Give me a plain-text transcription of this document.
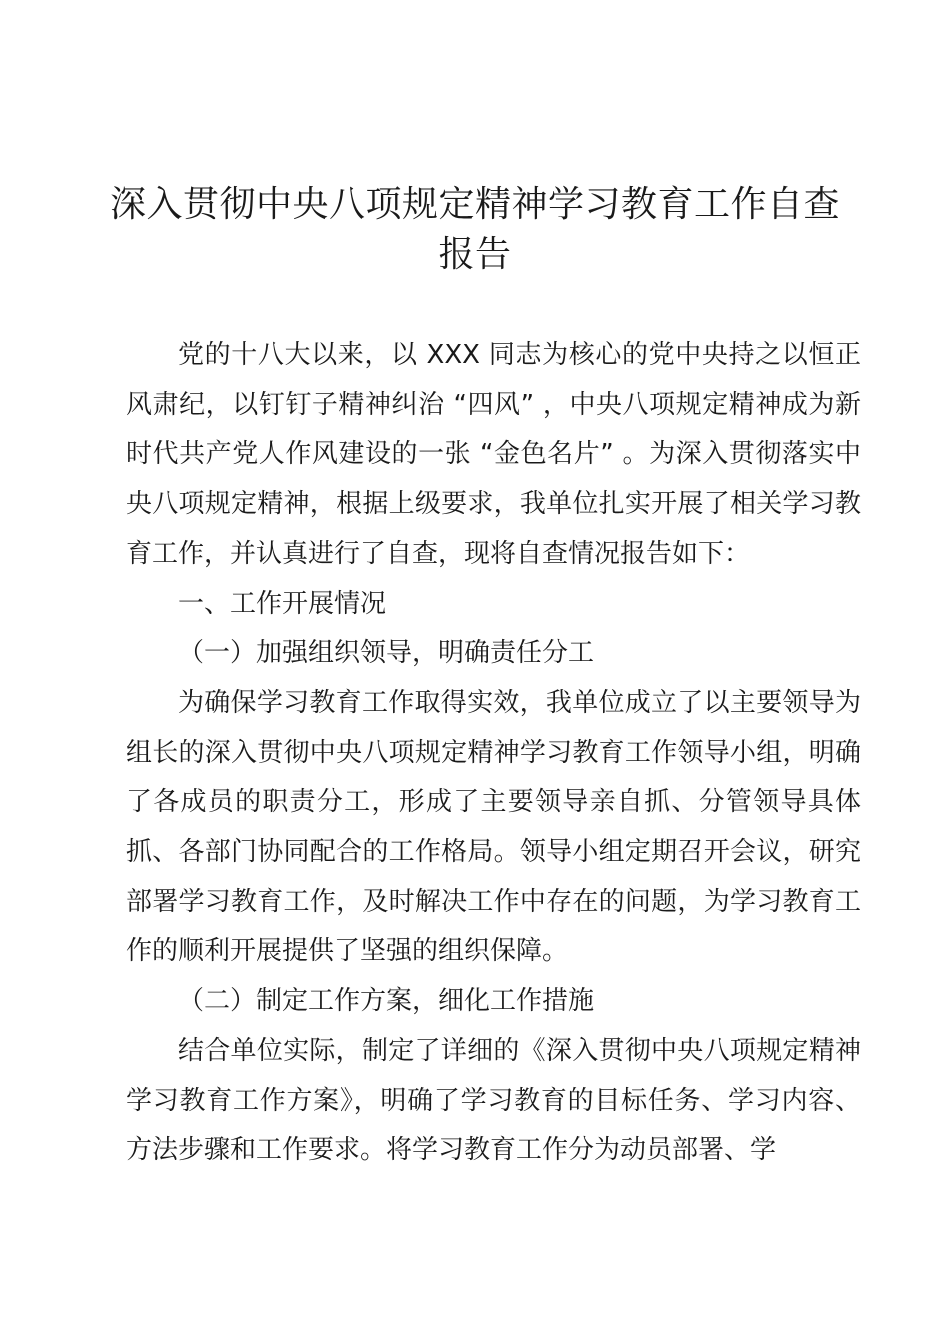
深入贯彻中央八项规定精神学习教育工作自查报告

党的十八大以来，以 XXX 同志为核心的党中央持之以恒正风肃纪，以钉钉子精神纠治 “四风” ，中央八项规定精神成为新时代共产党人作风建设的一张 “金色名片” 。为深入贯彻落实中央八项规定精神，根据上级要求，我单位扎实开展了相关学习教育工作，并认真进行了自查，现将自查情况报告如下：

一、工作开展情况

（一）加强组织领导，明确责任分工

为确保学习教育工作取得实效，我单位成立了以主要领导为组长的深入贯彻中央八项规定精神学习教育工作领导小组，明确了各成员的职责分工，形成了主要领导亲自抓、分管领导具体抓、各部门协同配合的工作格局。领导小组定期召开会议，研究部署学习教育工作，及时解决工作中存在的问题，为学习教育工作的顺利开展提供了坚强的组织保障。

（二）制定工作方案，细化工作措施

结合单位实际，制定了详细的《深入贯彻中央八项规定精神学习教育工作方案》，明确了学习教育的目标任务、学习内容、方法步骤和工作要求。将学习教育工作分为动员部署、学
